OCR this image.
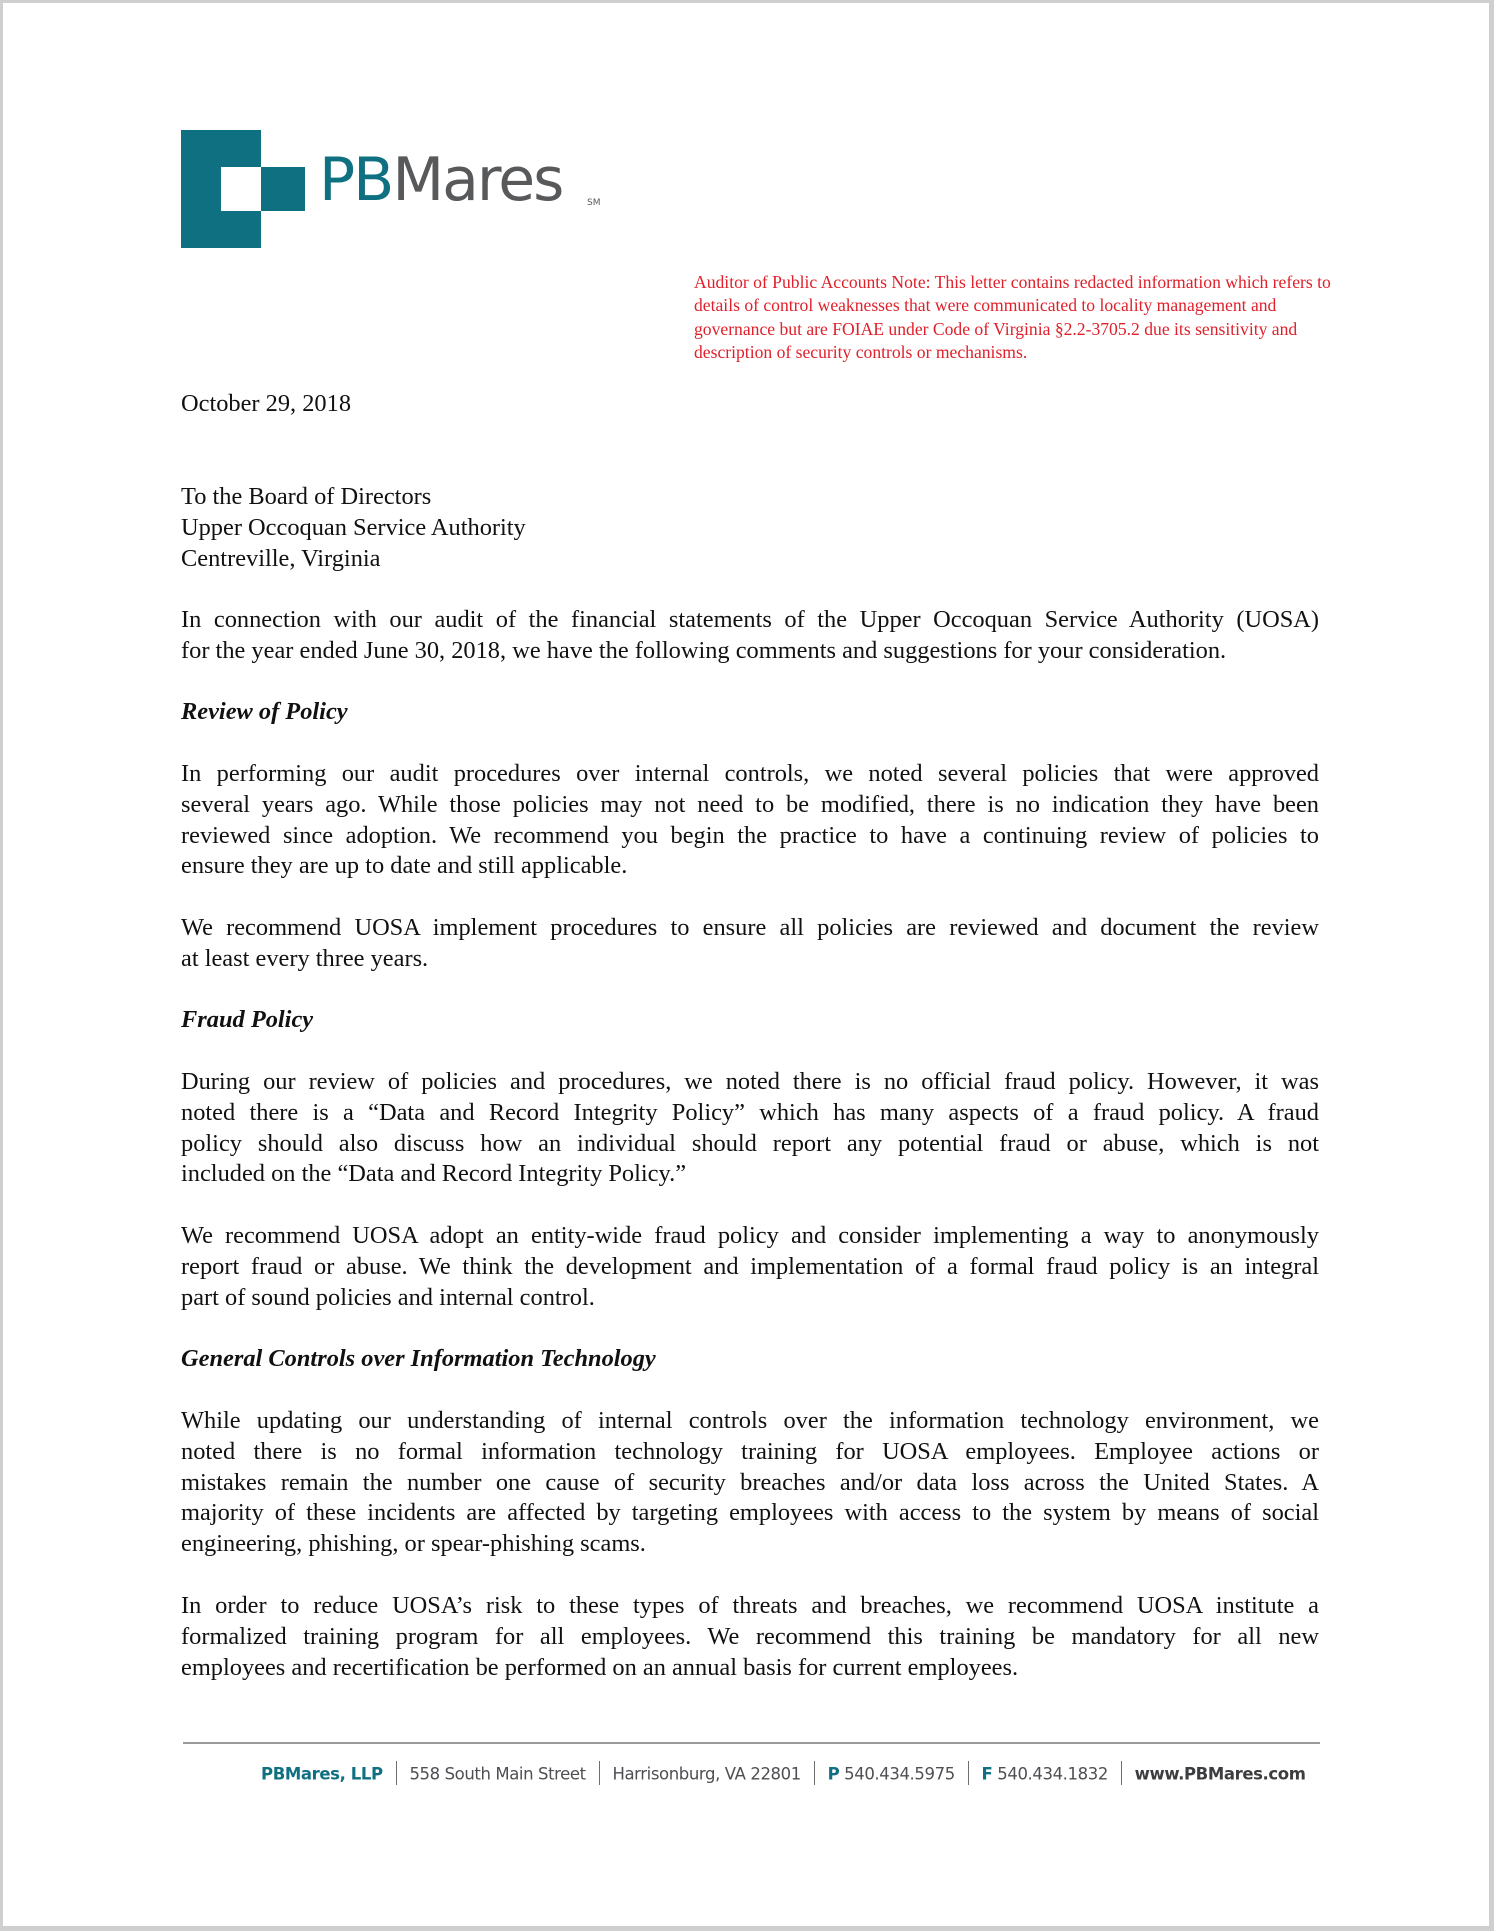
PBMares	SM
Auditor of Public Accounts Note: This letter contains redacted information which refers to
details of control weaknesses that were communicated to locality management and
governance but are FOIAE under Code of Virginia §2.2-3705.2 due its sensitivity and
description of security controls or mechanisms.
October 29, 2018
To the Board of Directors
Upper Occoquan Service Authority
Centreville, Virginia
In connection with our audit of the financial statements of the Upper Occoquan Service Authority (UOSA)
for the year ended June 30, 2018, we have the following comments and suggestions for your consideration.
Review of Policy
In performing our audit procedures over internal controls, we noted several policies that were approved
several years ago. While those policies may not need to be modified, there is no indication they have been
reviewed since adoption. We recommend you begin the practice to have a continuing review of policies to
ensure they are up to date and still applicable.
We recommend UOSA implement procedures to ensure all policies are reviewed and document the review
at least every three years.
Fraud Policy
During our review of policies and procedures, we noted there is no official fraud policy. However, it was
noted there is a “Data and Record Integrity Policy” which has many aspects of a fraud policy. A fraud
policy should also discuss how an individual should report any potential fraud or abuse, which is not
included on the “Data and Record Integrity Policy.”
We recommend UOSA adopt an entity-wide fraud policy and consider implementing a way to anonymously
report fraud or abuse. We think the development and implementation of a formal fraud policy is an integral
part of sound policies and internal control.
General Controls over Information Technology
While updating our understanding of internal controls over the information technology environment, we
noted there is no formal information technology training for UOSA employees. Employee actions or
mistakes remain the number one cause of security breaches and/or data loss across the United States. A
majority of these incidents are affected by targeting employees with access to the system by means of social
engineering, phishing, or spear-phishing scams.
In order to reduce UOSA’s risk to these types of threats and breaches, we recommend UOSA institute a
formalized training program for all employees. We recommend this training be mandatory for all new
employees and recertification be performed on an annual basis for current employees.
PBMares, LLP 558 South Main Street Harrisonburg, VA 22801 P 540.434.5975 F 540.434.1832 www.PBMares.com
